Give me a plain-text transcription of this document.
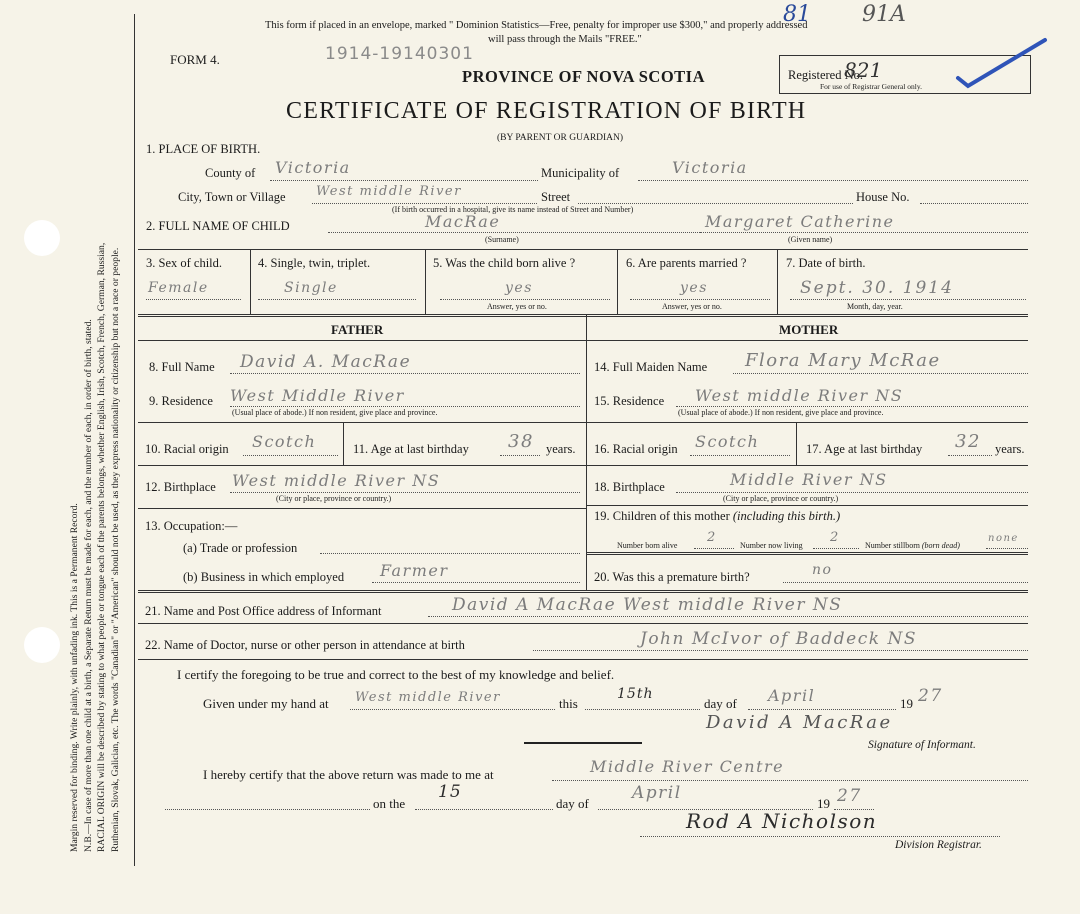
Margin reserved for binding. Write plainly, with unfading ink. This is a Permanent Record. N.B.—In case of more than one child at a birth, a Separate Return must be made for each, and the number of each, in order of birth, stated. RACIAL ORIGIN will be described by stating to what people or tongue each of the parents belongs, whether English, Irish, Scotch, French, German, Russian, Ruthenian, Slovak, Galician, etc. The words "Canadian" or "American" should not be used, as they express nationality or citizenship but not a race or people.
This form if placed in an envelope, marked " Dominion Statistics—Free, penalty for improper use $300," and properly addressed
will pass through the Mails "FREE."
FORM 4.	1914-19140301
81 91A
PROVINCE OF NOVA SCOTIA
CERTIFICATE OF REGISTRATION OF BIRTH
(BY PARENT OR GUARDIAN)
Registered No.
821
For use of Registrar General only.
1. PLACE OF BIRTH.
County of Victoria	Municipality of	Victoria
City, Town or Village West middle River	Street	House No.
(If birth occurred in a hospital, give its name instead of Street and Number)
2. FULL NAME OF CHILD	MacRae
(Surname)
Margaret Catherine
(Given name)
3. Sex of child.
Female
4. Single, twin, triplet.
Single
5. Was the child born alive ?
yes
Answer, yes or no.
6. Are parents married ?
yes
Answer, yes or no.
7. Date of birth.
Sept. 30. 1914
Month, day, year.
FATHER	MOTHER
8. Full Name David A. MacRae
9. Residence West Middle River
(Usual place of abode.) If non resident, give place and province.
10. Racial origin Scotch	11. Age at last birthday 38 years.
12. Birthplace West middle River NS
(City or place, province or country.)
13. Occupation:—
(a) Trade or profession
(b) Business in which employed Farmer
14. Full Maiden Name Flora Mary McRae
15. Residence West middle River NS
(Usual place of abode.) If non resident, give place and province.
16. Racial origin Scotch	17. Age at last birthday 32 years.
18. Birthplace	Middle River NS
(City or place, province or country.)
19. Children of this mother (including this birth.)
Number born alive
2
Number now living
2
Number stillborn (born dead)
none
20. Was this a premature birth?	no
21. Name and Post Office address of Informant	David A MacRae West middle River NS
22. Name of Doctor, nurse or other person in attendance at birth	John McIvor of Baddeck NS
I certify the foregoing to be true and correct to the best of my knowledge and belief.
Given under my hand at West middle River	this
15th
day of April	19 27
David A MacRae
Signature of Informant.
I hereby certify that the above return was made to me at	Middle River Centre
on the
15
day of
April
19 27
Rod A Nicholson
Division Registrar.
